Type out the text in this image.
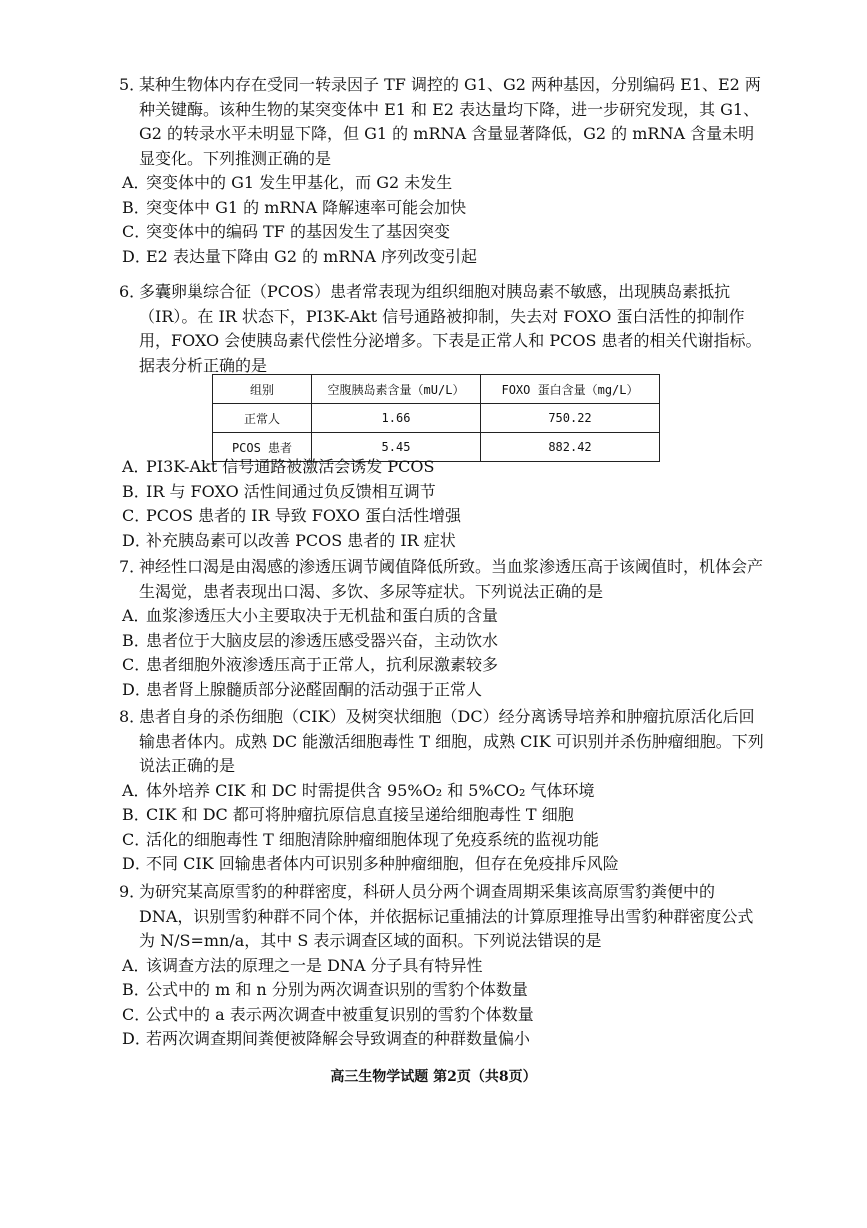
5．
某种生物体内存在受同一转录因子 TF 调控的 G1、G2 两种基因，分别编码 E1、E2 两种关键酶。该种生物的某突变体中 E1 和 E2 表达量均下降，进一步研究发现，其 G1、G2 的转录水平未明显下降，但 G1 的 mRNA 含量显著降低，G2 的 mRNA 含量未明显变化。下列推测正确的是
A．突变体中的 G1 发生甲基化，而 G2 未发生
B．突变体中 G1 的 mRNA 降解速率可能会加快
C．突变体中的编码 TF 的基因发生了基因突变
D．E2 表达量下降由 G2 的 mRNA 序列改变引起
6．
多囊卵巢综合征（PCOS）患者常表现为组织细胞对胰岛素不敏感，出现胰岛素抵抗（IR）。在 IR 状态下，PI3K-Akt 信号通路被抑制，失去对 FOXO 蛋白活性的抑制作用，FOXO 会使胰岛素代偿性分泌增多。下表是正常人和 PCOS 患者的相关代谢指标。据表分析正确的是
组别	空腹胰岛素含量（mU/L）	FOXO 蛋白含量（mg/L）
正常人	1.66	750.22
PCOS 患者	5.45	882.42
A．PI3K-Akt 信号通路被激活会诱发 PCOS
B．IR 与 FOXO 活性间通过负反馈相互调节
C．PCOS 患者的 IR 导致 FOXO 蛋白活性增强
D．补充胰岛素可以改善 PCOS 患者的 IR 症状
7．
神经性口渴是由渴感的渗透压调节阈值降低所致。当血浆渗透压高于该阈值时，机体会产生渴觉，患者表现出口渴、多饮、多尿等症状。下列说法正确的是
A．血浆渗透压大小主要取决于无机盐和蛋白质的含量
B．患者位于大脑皮层的渗透压感受器兴奋，主动饮水
C．患者细胞外液渗透压高于正常人，抗利尿激素较多
D．患者肾上腺髓质部分泌醛固酮的活动强于正常人
8．
患者自身的杀伤细胞（CIK）及树突状细胞（DC）经分离诱导培养和肿瘤抗原活化后回输患者体内。成熟 DC 能激活细胞毒性 T 细胞，成熟 CIK 可识别并杀伤肿瘤细胞。下列说法正确的是
A．体外培养 CIK 和 DC 时需提供含 95%O₂ 和 5%CO₂ 气体环境
B．CIK 和 DC 都可将肿瘤抗原信息直接呈递给细胞毒性 T 细胞
C．活化的细胞毒性 T 细胞清除肿瘤细胞体现了免疫系统的监视功能
D．不同 CIK 回输患者体内可识别多种肿瘤细胞，但存在免疫排斥风险
9．
为研究某高原雪豹的种群密度，科研人员分两个调查周期采集该高原雪豹粪便中的 DNA，识别雪豹种群不同个体，并依据标记重捕法的计算原理推导出雪豹种群密度公式为 N/S=mn/a，其中 S 表示调查区域的面积。下列说法错误的是
A．该调查方法的原理之一是 DNA 分子具有特异性
B．公式中的 m 和 n 分别为两次调查识别的雪豹个体数量
C．公式中的 a 表示两次调查中被重复识别的雪豹个体数量
D．若两次调查期间粪便被降解会导致调查的种群数量偏小
高三生物学试题 第2页（共8页）
